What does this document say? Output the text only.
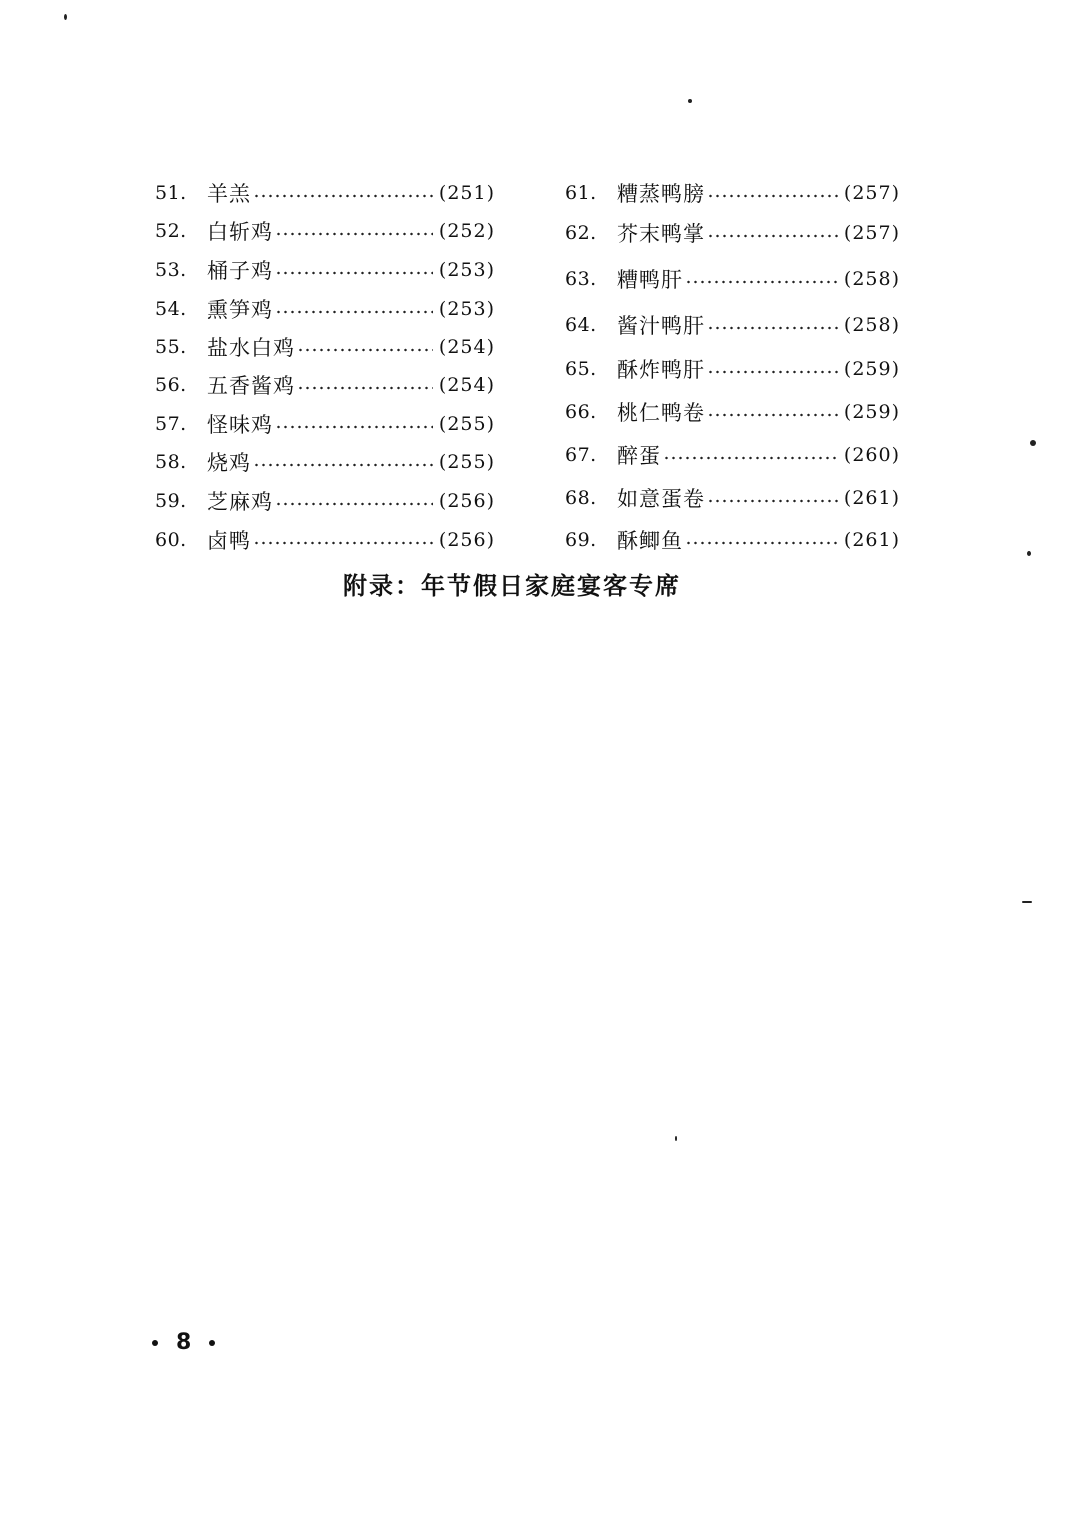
51. 羊羔	(251)
52. 白斩鸡	(252)
53. 桶子鸡	(253)
54. 熏笋鸡	(253)
55. 盐水白鸡	(254)
56. 五香酱鸡	(254)
57. 怪味鸡	(255)
58. 烧鸡	(255)
59. 芝麻鸡	(256)
60. 卤鸭	(256)
61. 糟蒸鸭膀	(257)
62. 芥末鸭掌	(257)
63. 糟鸭肝	(258)
64. 酱汁鸭肝	(258)
65. 酥炸鸭肝	(259)
66. 桃仁鸭卷	(259)
67. 醉蛋	(260)
68. 如意蛋卷	(261)
69. 酥鲫鱼	(261)
附录：年节假日家庭宴客专席
8
